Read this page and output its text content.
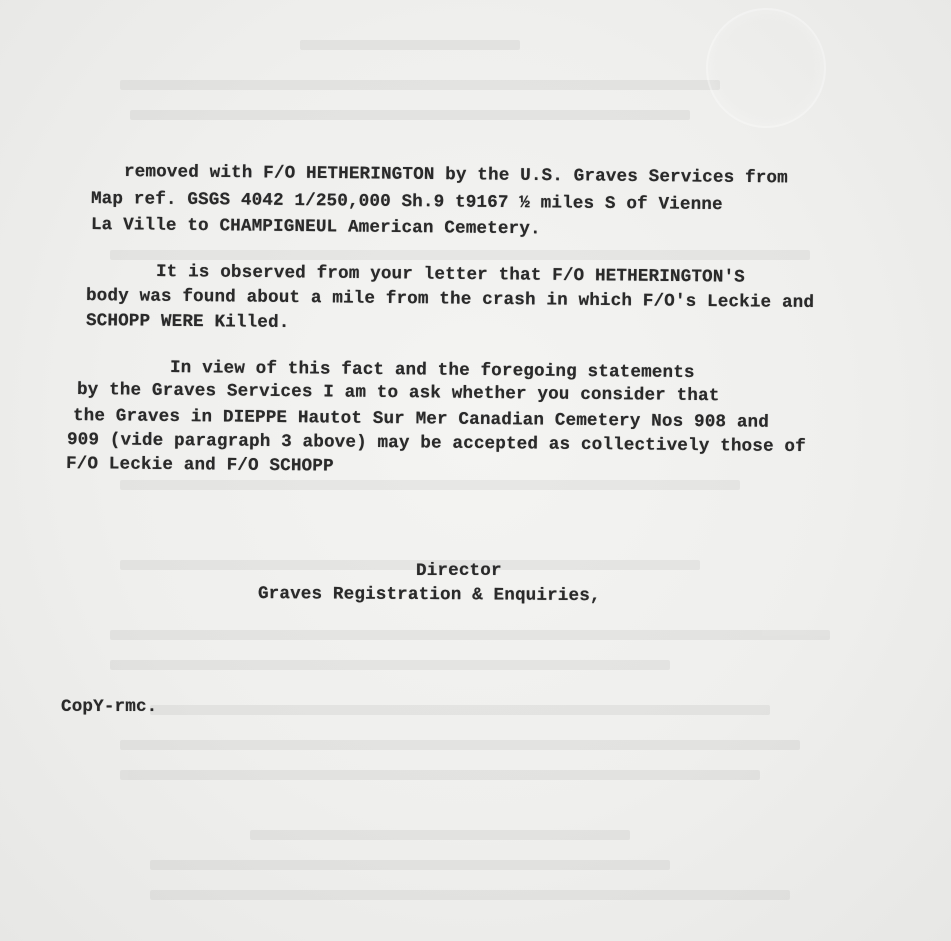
removed with F/O HETHERINGTON by the U.S. Graves Services from

Map ref. GSGS 4042 1/250,000 Sh.9 t9167 ½ miles S of Vienne

La Ville to CHAMPIGNEUL American Cemetery.

It is observed from your letter that F/O HETHERINGTON'S

body was found about a mile from the crash in which F/O's Leckie and

SCHOPP WERE Killed.

In view of this fact and the foregoing statements

by the Graves Services I am to ask whether you consider that

the Graves in DIEPPE Hautot Sur Mer Canadian Cemetery Nos 908 and

909 (vide paragraph 3 above) may be accepted as collectively those of

F/O Leckie and F/O SCHOPP

Director

Graves Registration & Enquiries,

CopY-rmc.
